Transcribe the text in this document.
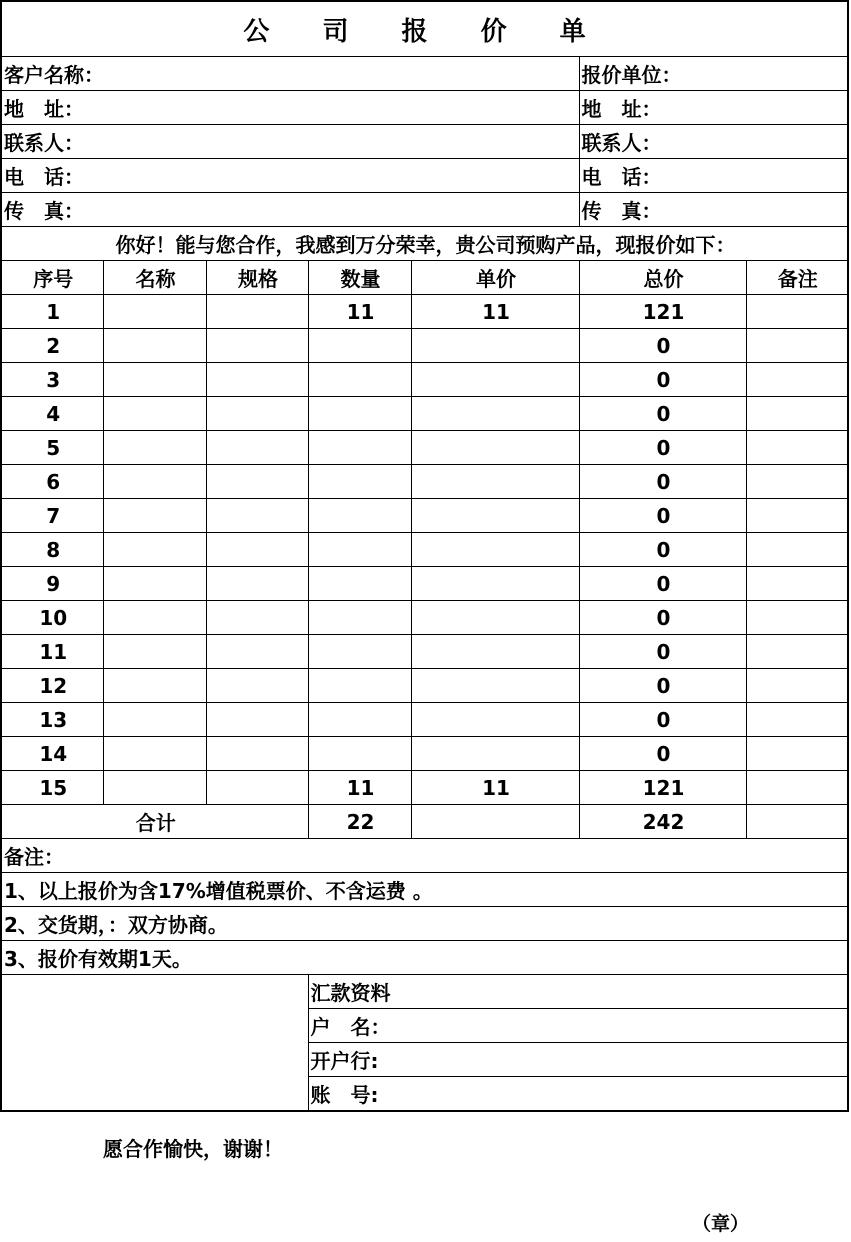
公 司 报 价 单						
客户名称：					报价单位：	
地　址：					地　址：	
联系人：					联系人：	
电　话：					电　话：	
传　真：					传　真：	
你好！能与您合作，我感到万分荣幸，贵公司预购产品，现报价如下：						
序号	名称	规格	数量	单价	总价	备注
1			11	11	121	
2					0	
3					0	
4					0	
5					0	
6					0	
7					0	
8					0	
9					0	
10					0	
11					0	
12					0	
13					0	
14					0	
15			11	11	121	
合计			22		242	
备注：						
1、以上报价为含17%增值税票价、不含运费 。						
2、交货期，：双方协商。						
3、报价有效期1天。						
			汇款资料			
			户　名：			
			开户行:			
			账　号:			
愿合作愉快，谢谢！
（章）
